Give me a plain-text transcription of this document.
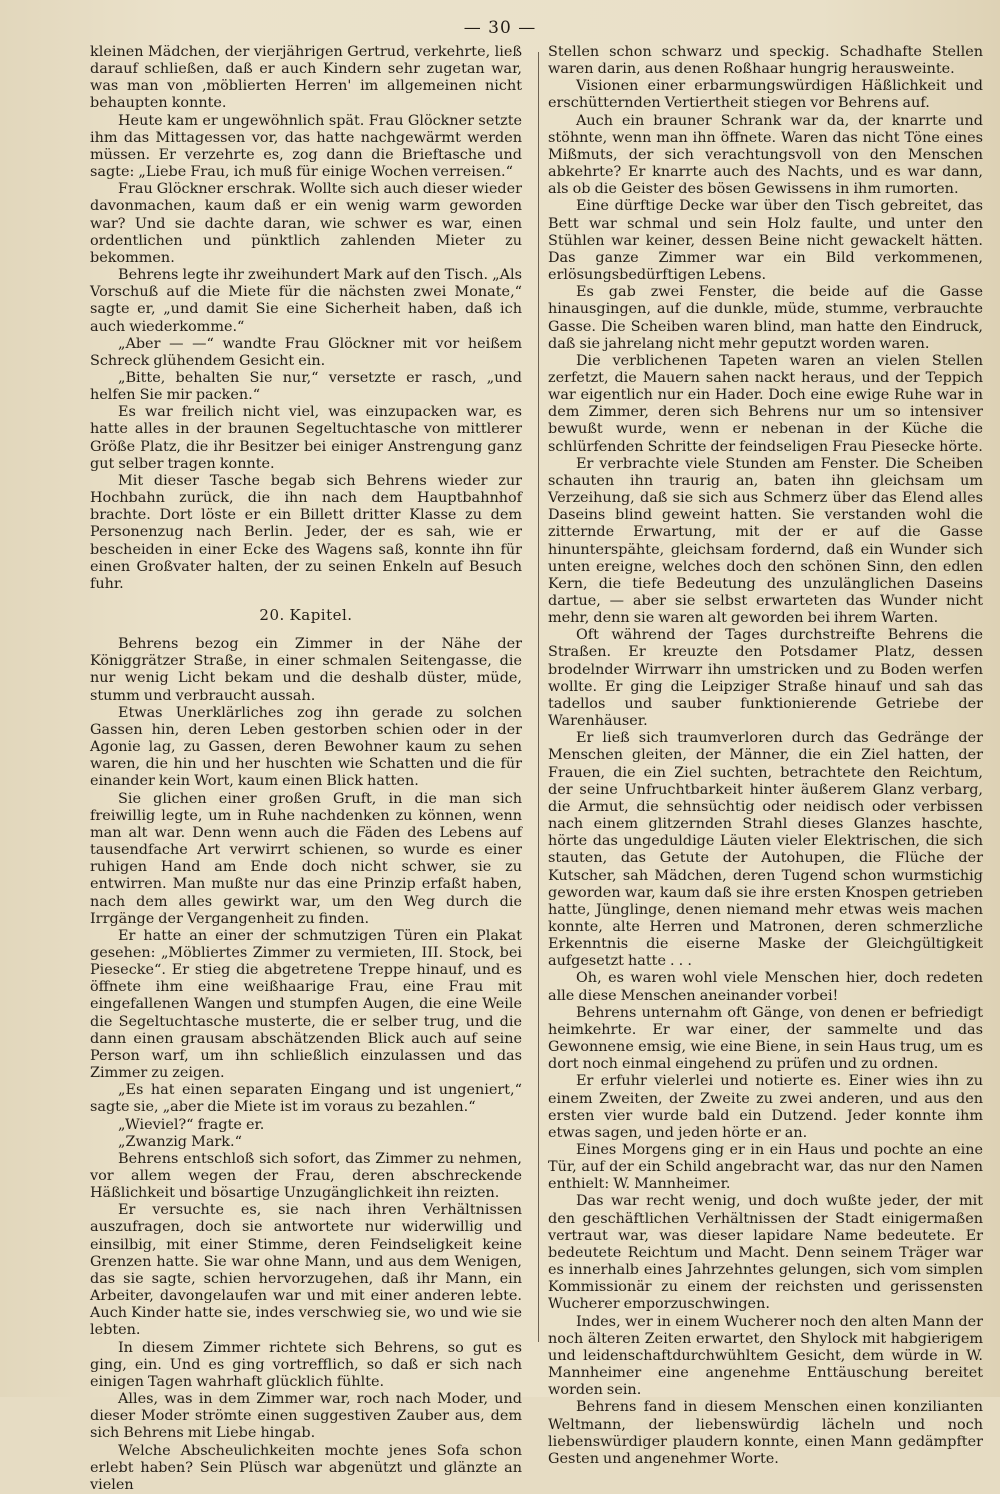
— 30 —

kleinen Mädchen, der vierjährigen Gertrud, verkehrte, ließ darauf schließen, daß er auch Kindern sehr zugetan war, was man von ‚möblierten Herren' im allgemeinen nicht behaupten konnte.

Heute kam er ungewöhnlich spät. Frau Glöckner setzte ihm das Mittagessen vor, das hatte nachgewärmt werden müssen. Er verzehrte es, zog dann die Brieftasche und sagte: „Liebe Frau, ich muß für einige Wochen verreisen.“

Frau Glöckner erschrak. Wollte sich auch dieser wieder davonmachen, kaum daß er ein wenig warm geworden war? Und sie dachte daran, wie schwer es war, einen ordentlichen und pünktlich zahlenden Mieter zu bekommen.

Behrens legte ihr zweihundert Mark auf den Tisch. „Als Vorschuß auf die Miete für die nächsten zwei Monate,“ sagte er, „und damit Sie eine Sicherheit haben, daß ich auch wiederkomme.“

„Aber — —“ wandte Frau Glöckner mit vor heißem Schreck glühendem Gesicht ein.

„Bitte, behalten Sie nur,“ versetzte er rasch, „und helfen Sie mir packen.“

Es war freilich nicht viel, was einzupacken war, es hatte alles in der braunen Segeltuchtasche von mittlerer Größe Platz, die ihr Besitzer bei einiger Anstrengung ganz gut selber tragen konnte.

Mit dieser Tasche begab sich Behrens wieder zur Hochbahn zurück, die ihn nach dem Hauptbahnhof brachte. Dort löste er ein Billett dritter Klasse zu dem Personenzug nach Berlin. Jeder, der es sah, wie er bescheiden in einer Ecke des Wagens saß, konnte ihn für einen Großvater halten, der zu seinen Enkeln auf Besuch fuhr.

20. Kapitel.

Behrens bezog ein Zimmer in der Nähe der Königgrätzer Straße, in einer schmalen Seitengasse, die nur wenig Licht bekam und die deshalb düster, müde, stumm und verbraucht aussah.

Etwas Unerklärliches zog ihn gerade zu solchen Gassen hin, deren Leben gestorben schien oder in der Agonie lag, zu Gassen, deren Bewohner kaum zu sehen waren, die hin und her huschten wie Schatten und die für einander kein Wort, kaum einen Blick hatten.

Sie glichen einer großen Gruft, in die man sich freiwillig legte, um in Ruhe nachdenken zu können, wenn man alt war. Denn wenn auch die Fäden des Lebens auf tausendfache Art verwirrt schienen, so wurde es einer ruhigen Hand am Ende doch nicht schwer, sie zu entwirren. Man mußte nur das eine Prinzip erfaßt haben, nach dem alles gewirkt war, um den Weg durch die Irrgänge der Vergangenheit zu finden.

Er hatte an einer der schmutzigen Türen ein Plakat gesehen: „Möbliertes Zimmer zu vermieten, III. Stock, bei Piesecke“. Er stieg die abgetretene Treppe hinauf, und es öffnete ihm eine weißhaarige Frau, eine Frau mit eingefallenen Wangen und stumpfen Augen, die eine Weile die Segeltuchtasche musterte, die er selber trug, und die dann einen grausam abschätzenden Blick auch auf seine Person warf, um ihn schließlich einzulassen und das Zimmer zu zeigen.

„Es hat einen separaten Eingang und ist ungeniert,“ sagte sie, „aber die Miete ist im voraus zu bezahlen.“

„Wieviel?“ fragte er.

„Zwanzig Mark.“

Behrens entschloß sich sofort, das Zimmer zu nehmen, vor allem wegen der Frau, deren abschreckende Häßlichkeit und bösartige Unzugänglichkeit ihn reizten.

Er versuchte es, sie nach ihren Verhältnissen auszufragen, doch sie antwortete nur widerwillig und einsilbig, mit einer Stimme, deren Feindseligkeit keine Grenzen hatte. Sie war ohne Mann, und aus dem Wenigen, das sie sagte, schien hervorzugehen, daß ihr Mann, ein Arbeiter, davongelaufen war und mit einer anderen lebte. Auch Kinder hatte sie, indes verschwieg sie, wo und wie sie lebten.

In diesem Zimmer richtete sich Behrens, so gut es ging, ein. Und es ging vortrefflich, so daß er sich nach einigen Tagen wahrhaft glücklich fühlte.

Alles, was in dem Zimmer war, roch nach Moder, und dieser Moder strömte einen suggestiven Zauber aus, dem sich Behrens mit Liebe hingab.

Welche Abscheulichkeiten mochte jenes Sofa schon erlebt haben? Sein Plüsch war abgenützt und glänzte an vielen

Stellen schon schwarz und speckig. Schadhafte Stellen waren darin, aus denen Roßhaar hungrig herausweinte.

Visionen einer erbarmungswürdigen Häßlichkeit und erschütternden Vertiertheit stiegen vor Behrens auf.

Auch ein brauner Schrank war da, der knarrte und stöhnte, wenn man ihn öffnete. Waren das nicht Töne eines Mißmuts, der sich verachtungsvoll von den Menschen abkehrte? Er knarrte auch des Nachts, und es war dann, als ob die Geister des bösen Gewissens in ihm rumorten.

Eine dürftige Decke war über den Tisch gebreitet, das Bett war schmal und sein Holz faulte, und unter den Stühlen war keiner, dessen Beine nicht gewackelt hätten. Das ganze Zimmer war ein Bild verkommenen, erlösungsbedürftigen Lebens.

Es gab zwei Fenster, die beide auf die Gasse hinausgingen, auf die dunkle, müde, stumme, verbrauchte Gasse. Die Scheiben waren blind, man hatte den Eindruck, daß sie jahrelang nicht mehr geputzt worden waren.

Die verblichenen Tapeten waren an vielen Stellen zerfetzt, die Mauern sahen nackt heraus, und der Teppich war eigentlich nur ein Hader. Doch eine ewige Ruhe war in dem Zimmer, deren sich Behrens nur um so intensiver bewußt wurde, wenn er nebenan in der Küche die schlürfenden Schritte der feindseligen Frau Piesecke hörte.

Er verbrachte viele Stunden am Fenster. Die Scheiben schauten ihn traurig an, baten ihn gleichsam um Verzeihung, daß sie sich aus Schmerz über das Elend alles Daseins blind geweint hatten. Sie verstanden wohl die zitternde Erwartung, mit der er auf die Gasse hinunterspähte, gleichsam fordernd, daß ein Wunder sich unten ereigne, welches doch den schönen Sinn, den edlen Kern, die tiefe Bedeutung des unzulänglichen Daseins dartue, — aber sie selbst erwarteten das Wunder nicht mehr, denn sie waren alt geworden bei ihrem Warten.

Oft während der Tages durchstreifte Behrens die Straßen. Er kreuzte den Potsdamer Platz, dessen brodelnder Wirrwarr ihn umstricken und zu Boden werfen wollte. Er ging die Leipziger Straße hinauf und sah das tadellos und sauber funktionierende Getriebe der Warenhäuser.

Er ließ sich traumverloren durch das Gedränge der Menschen gleiten, der Männer, die ein Ziel hatten, der Frauen, die ein Ziel suchten, betrachtete den Reichtum, der seine Unfruchtbarkeit hinter äußerem Glanz verbarg, die Armut, die sehnsüchtig oder neidisch oder verbissen nach einem glitzernden Strahl dieses Glanzes haschte, hörte das ungeduldige Läuten vieler Elektrischen, die sich stauten, das Getute der Autohupen, die Flüche der Kutscher, sah Mädchen, deren Tugend schon wurmstichig geworden war, kaum daß sie ihre ersten Knospen getrieben hatte, Jünglinge, denen niemand mehr etwas weis machen konnte, alte Herren und Matronen, deren schmerzliche Erkenntnis die eiserne Maske der Gleichgültigkeit aufgesetzt hatte . . .

Oh, es waren wohl viele Menschen hier, doch redeten alle diese Menschen aneinander vorbei!

Behrens unternahm oft Gänge, von denen er befriedigt heimkehrte. Er war einer, der sammelte und das Gewonnene emsig, wie eine Biene, in sein Haus trug, um es dort noch einmal eingehend zu prüfen und zu ordnen.

Er erfuhr vielerlei und notierte es. Einer wies ihn zu einem Zweiten, der Zweite zu zwei anderen, und aus den ersten vier wurde bald ein Dutzend. Jeder konnte ihm etwas sagen, und jeden hörte er an.

Eines Morgens ging er in ein Haus und pochte an eine Tür, auf der ein Schild angebracht war, das nur den Namen enthielt: W. Mannheimer.

Das war recht wenig, und doch wußte jeder, der mit den geschäftlichen Verhältnissen der Stadt einigermaßen vertraut war, was dieser lapidare Name bedeutete. Er bedeutete Reichtum und Macht. Denn seinem Träger war es innerhalb eines Jahrzehntes gelungen, sich vom simplen Kommissionär zu einem der reichsten und gerissensten Wucherer emporzuschwingen.

Indes, wer in einem Wucherer noch den alten Mann der noch älteren Zeiten erwartet, den Shylock mit habgierigem und leidenschaftdurchwühltem Gesicht, dem würde in W. Mannheimer eine angenehme Enttäuschung bereitet worden sein.

Behrens fand in diesem Menschen einen konzilianten Weltmann, der liebenswürdig lächeln und noch liebenswürdiger plaudern konnte, einen Mann gedämpfter Gesten und angenehmer Worte.
